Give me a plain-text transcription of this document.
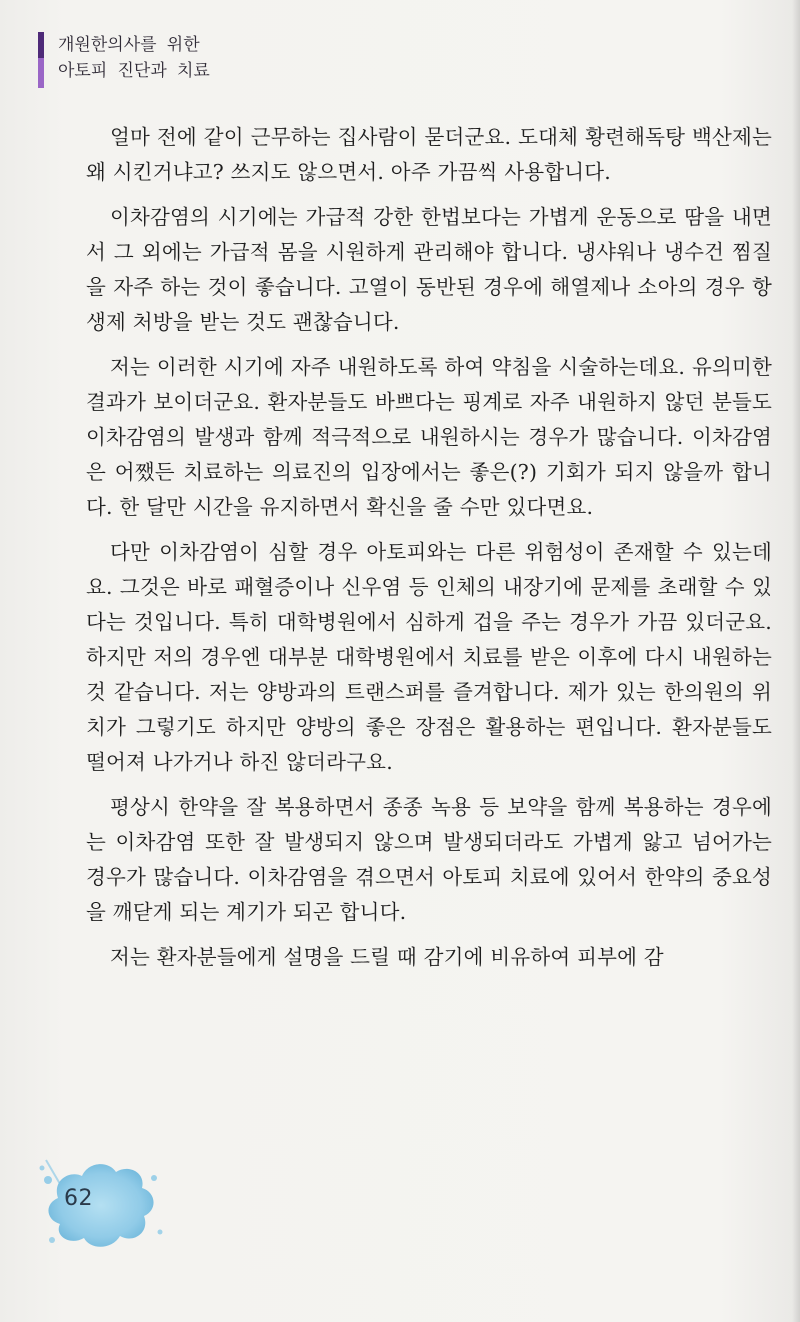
개원한의사를 위한
아토피 진단과 치료

얼마 전에 같이 근무하는 집사람이 묻더군요. 도대체 황련해독탕 백산제는 왜 시킨거냐고? 쓰지도 않으면서. 아주 가끔씩 사용합니다.

이차감염의 시기에는 가급적 강한 한법보다는 가볍게 운동으로 땀을 내면서 그 외에는 가급적 몸을 시원하게 관리해야 합니다. 냉샤워나 냉수건 찜질을 자주 하는 것이 좋습니다. 고열이 동반된 경우에 해열제나 소아의 경우 항생제 처방을 받는 것도 괜찮습니다.

저는 이러한 시기에 자주 내원하도록 하여 약침을 시술하는데요. 유의미한 결과가 보이더군요. 환자분들도 바쁘다는 핑계로 자주 내원하지 않던 분들도 이차감염의 발생과 함께 적극적으로 내원하시는 경우가 많습니다. 이차감염은 어쨌든 치료하는 의료진의 입장에서는 좋은(?) 기회가 되지 않을까 합니다. 한 달만 시간을 유지하면서 확신을 줄 수만 있다면요.

다만 이차감염이 심할 경우 아토피와는 다른 위험성이 존재할 수 있는데요. 그것은 바로 패혈증이나 신우염 등 인체의 내장기에 문제를 초래할 수 있다는 것입니다. 특히 대학병원에서 심하게 겁을 주는 경우가 가끔 있더군요. 하지만 저의 경우엔 대부분 대학병원에서 치료를 받은 이후에 다시 내원하는 것 같습니다. 저는 양방과의 트랜스퍼를 즐겨합니다. 제가 있는 한의원의 위치가 그렇기도 하지만 양방의 좋은 장점은 활용하는 편입니다. 환자분들도 떨어져 나가거나 하진 않더라구요.

평상시 한약을 잘 복용하면서 종종 녹용 등 보약을 함께 복용하는 경우에는 이차감염 또한 잘 발생되지 않으며 발생되더라도 가볍게 앓고 넘어가는 경우가 많습니다. 이차감염을 겪으면서 아토피 치료에 있어서 한약의 중요성을 깨닫게 되는 계기가 되곤 합니다.

저는 환자분들에게 설명을 드릴 때 감기에 비유하여 피부에 감

62
